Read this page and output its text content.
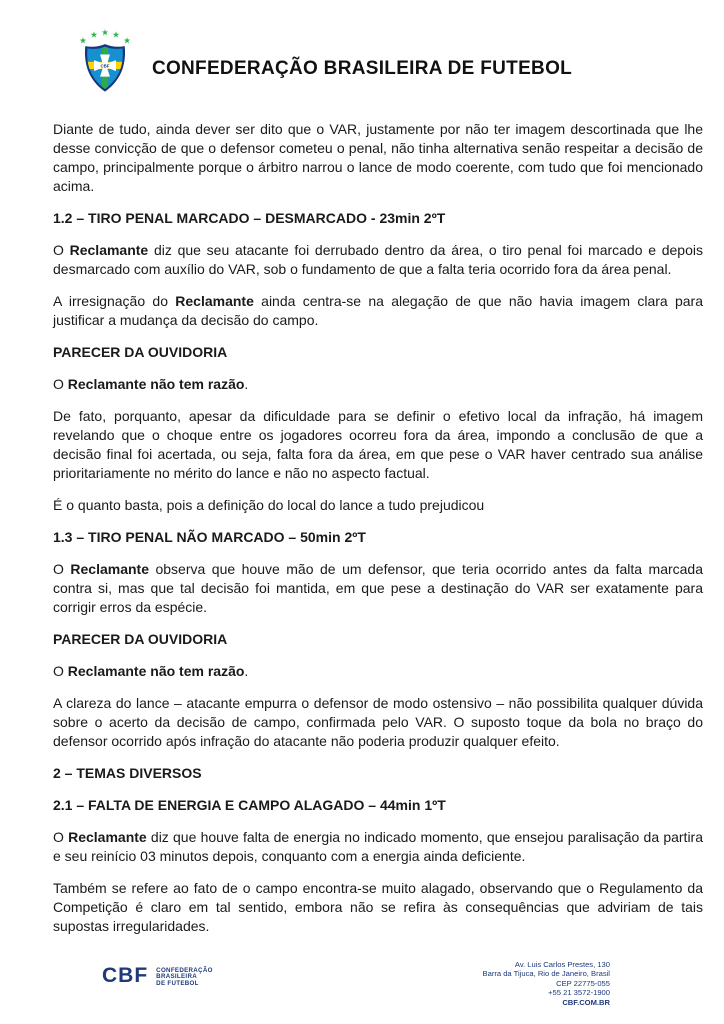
CBF	CONFEDERAÇÃO BRASILEIRA DE FUTEBOL

Diante de tudo, ainda dever ser dito que o VAR, justamente por não ter imagem descortinada que lhe desse convicção de que o defensor cometeu o penal, não tinha alternativa senão respeitar a decisão de campo, principalmente porque o árbitro narrou o lance de modo coerente, com tudo que foi mencionado acima.

1.2 – TIRO PENAL MARCADO – DESMARCADO - 23min 2ºT

O Reclamante diz que seu atacante foi derrubado dentro da área, o tiro penal foi marcado e depois desmarcado com auxílio do VAR, sob o fundamento de que a falta teria ocorrido fora da área penal.

A irresignação do Reclamante ainda centra-se na alegação de que não havia imagem clara para justificar a mudança da decisão do campo.

PARECER DA OUVIDORIA

O Reclamante não tem razão.

De fato, porquanto, apesar da dificuldade para se definir o efetivo local da infração, há imagem revelando que o choque entre os jogadores ocorreu fora da área, impondo a conclusão de que a decisão final foi acertada, ou seja, falta fora da área, em que pese o VAR haver centrado sua análise prioritariamente no mérito do lance e não no aspecto factual.

É o quanto basta, pois a definição do local do lance a tudo prejudicou

1.3 – TIRO PENAL NÃO MARCADO – 50min 2ºT

O Reclamante observa que houve mão de um defensor, que teria ocorrido antes da falta marcada contra si, mas que tal decisão foi mantida, em que pese a destinação do VAR ser exatamente para corrigir erros da espécie.

PARECER DA OUVIDORIA

O Reclamante não tem razão.

A clareza do lance – atacante empurra o defensor de modo ostensivo – não possibilita qualquer dúvida sobre o acerto da decisão de campo, confirmada pelo VAR. O suposto toque da bola no braço do defensor ocorrido após infração do atacante não poderia produzir qualquer efeito.

2 – TEMAS DIVERSOS
2.1 – FALTA DE ENERGIA E CAMPO ALAGADO – 44min 1ºT

O Reclamante diz que houve falta de energia no indicado momento, que ensejou paralisação da partira e seu reinício 03 minutos depois, conquanto com a energia ainda deficiente.

Também se refere ao fato de o campo encontra-se muito alagado, observando que o Regulamento da Competição é claro em tal sentido, embora não se refira às consequências que adviriam de tais supostas irregularidades.

CBF CONFEDERAÇÃO
BRASILEIRA
DE FUTEBOL
Av. Luis Carlos Prestes, 130
Barra da Tijuca, Rio de Janeiro, Brasil
CEP 22775-055
+55 21 3572-1900
CBF.COM.BR
